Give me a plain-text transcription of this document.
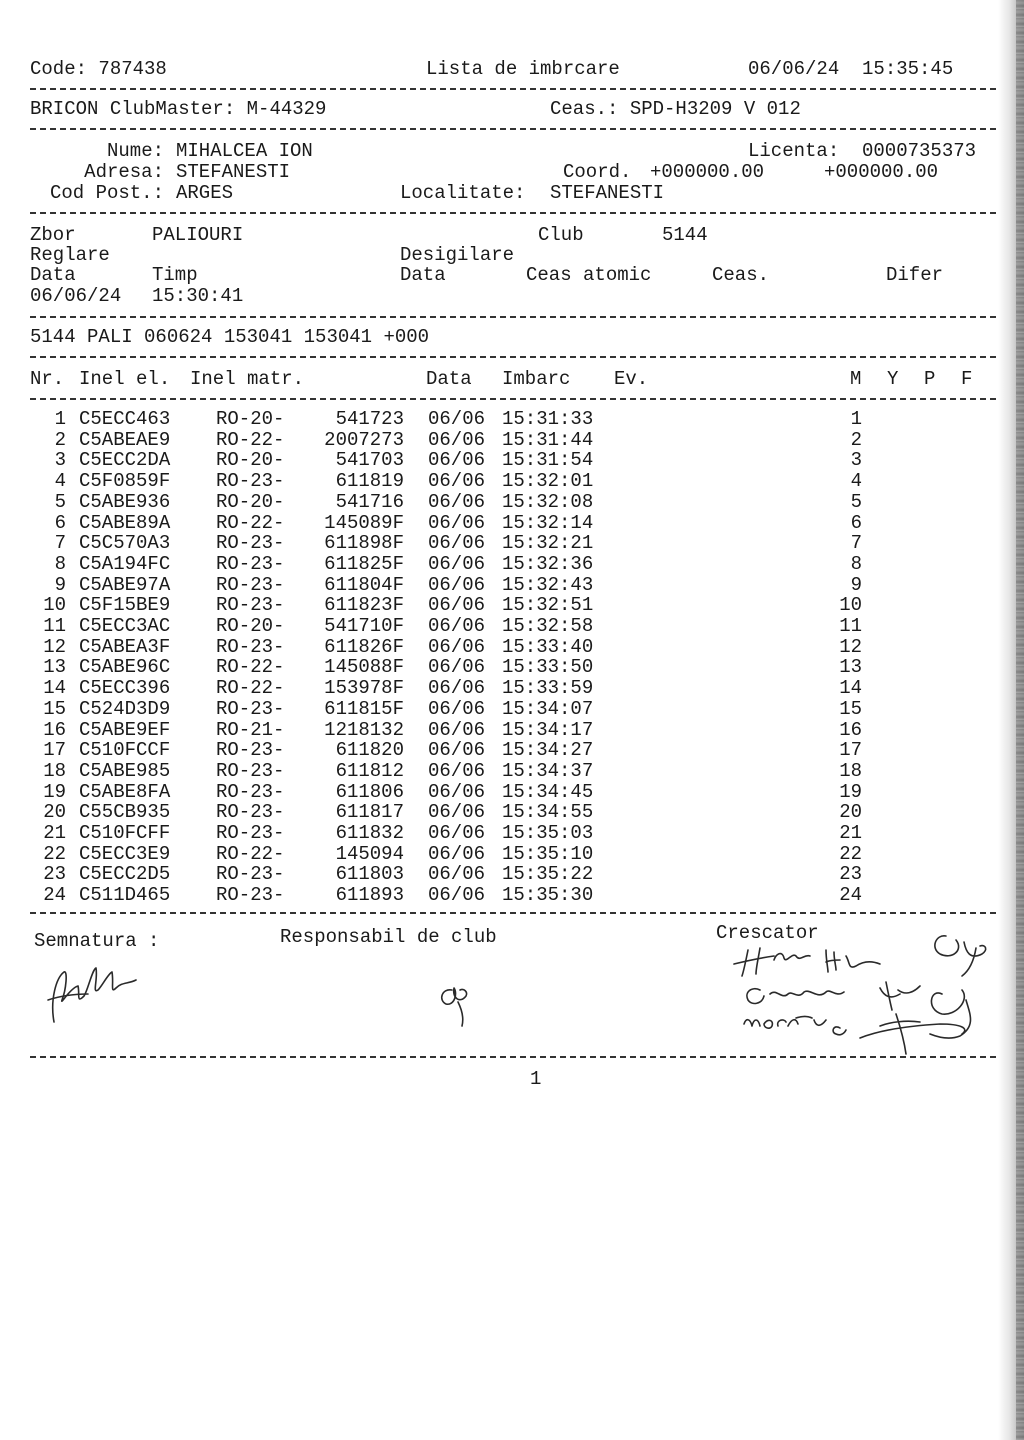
Code: 787438	Lista de imbrcare	06/06/24  15:35:45
BRICON ClubMaster: M-44329	Ceas.: SPD-H3209 V 012
Nume: MIHALCEA ION	Licenta: 0000735373
Adresa: STEFANESTI	Coord. +000000.00	+000000.00
Cod Post.: ARGES	Localitate: STEFANESTI
Zbor	PALIOURI	Club	5144
Reglare	Desigilare
Data	Timp	Data	Ceas atomic	Ceas.	Difer
06/06/24 15:30:41
5144 PALI 060624 153041 153041 +000
Nr. Inel el. Inel matr.	Data Imbarc Ev.	M Y P F
1 C5ECC463 RO-20-	541723 06/06 15:31:33	1
2 C5ABEAE9 RO-22-	2007273 06/06 15:31:44	2
3 C5ECC2DA RO-20-	541703 06/06 15:31:54	3
4 C5F0859F RO-23-	611819 06/06 15:32:01	4
5 C5ABE936 RO-20-	541716 06/06 15:32:08	5
6 C5ABE89A RO-22-	145089F 06/06 15:32:14	6
7 C5C570A3 RO-23-	611898F 06/06 15:32:21	7
8 C5A194FC RO-23-	611825F 06/06 15:32:36	8
9 C5ABE97A RO-23-	611804F 06/06 15:32:43	9
10 C5F15BE9 RO-23-	611823F 06/06 15:32:51	10
11 C5ECC3AC RO-20-	541710F 06/06 15:32:58	11
12 C5ABEA3F RO-23-	611826F 06/06 15:33:40	12
13 C5ABE96C RO-22-	145088F 06/06 15:33:50	13
14 C5ECC396 RO-22-	153978F 06/06 15:33:59	14
15 C524D3D9 RO-23-	611815F 06/06 15:34:07	15
16 C5ABE9EF RO-21-	1218132 06/06 15:34:17	16
17 C510FCCF RO-23-	611820 06/06 15:34:27	17
18 C5ABE985 RO-23-	611812 06/06 15:34:37	18
19 C5ABE8FA RO-23-	611806 06/06 15:34:45	19
20 C55CB935 RO-23-	611817 06/06 15:34:55	20
21 C510FCFF RO-23-	611832 06/06 15:35:03	21
22 C5ECC3E9 RO-22-	145094 06/06 15:35:10	22
23 C5ECC2D5 RO-23-	611803 06/06 15:35:22	23
24 C511D465 RO-23-	611893 06/06 15:35:30	24
Semnatura :	Responsabil de club	Crescator
1
